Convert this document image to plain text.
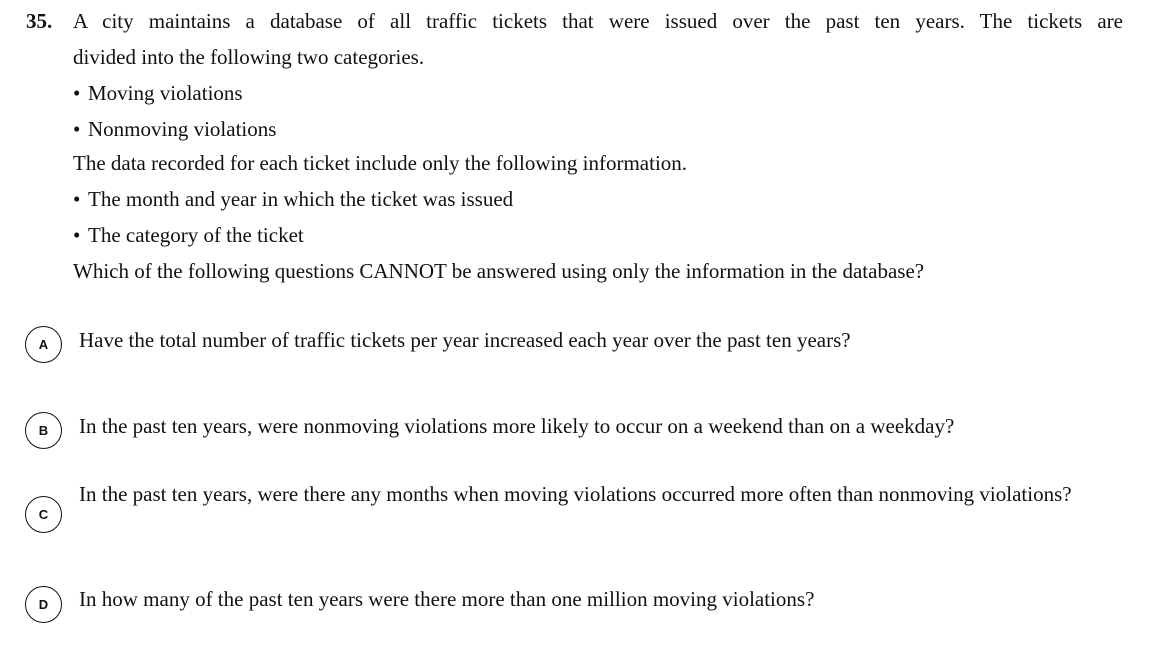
35. A city maintains a database of all traffic tickets that were issued over the past ten years. The tickets are
divided into the following two categories.
• Moving violations
• Nonmoving violations
The data recorded for each ticket include only the following information.
• The month and year in which the ticket was issued
• The category of the ticket
Which of the following questions CANNOT be answered using only the information in the database?
A	Have the total number of traffic tickets per year increased each year over the past ten years?
B	In the past ten years, were nonmoving violations more likely to occur on a weekend than on a weekday?
C
In the past ten years, were there any months when moving violations occurred more often than nonmoving violations?
D	In how many of the past ten years were there more than one million moving violations?
